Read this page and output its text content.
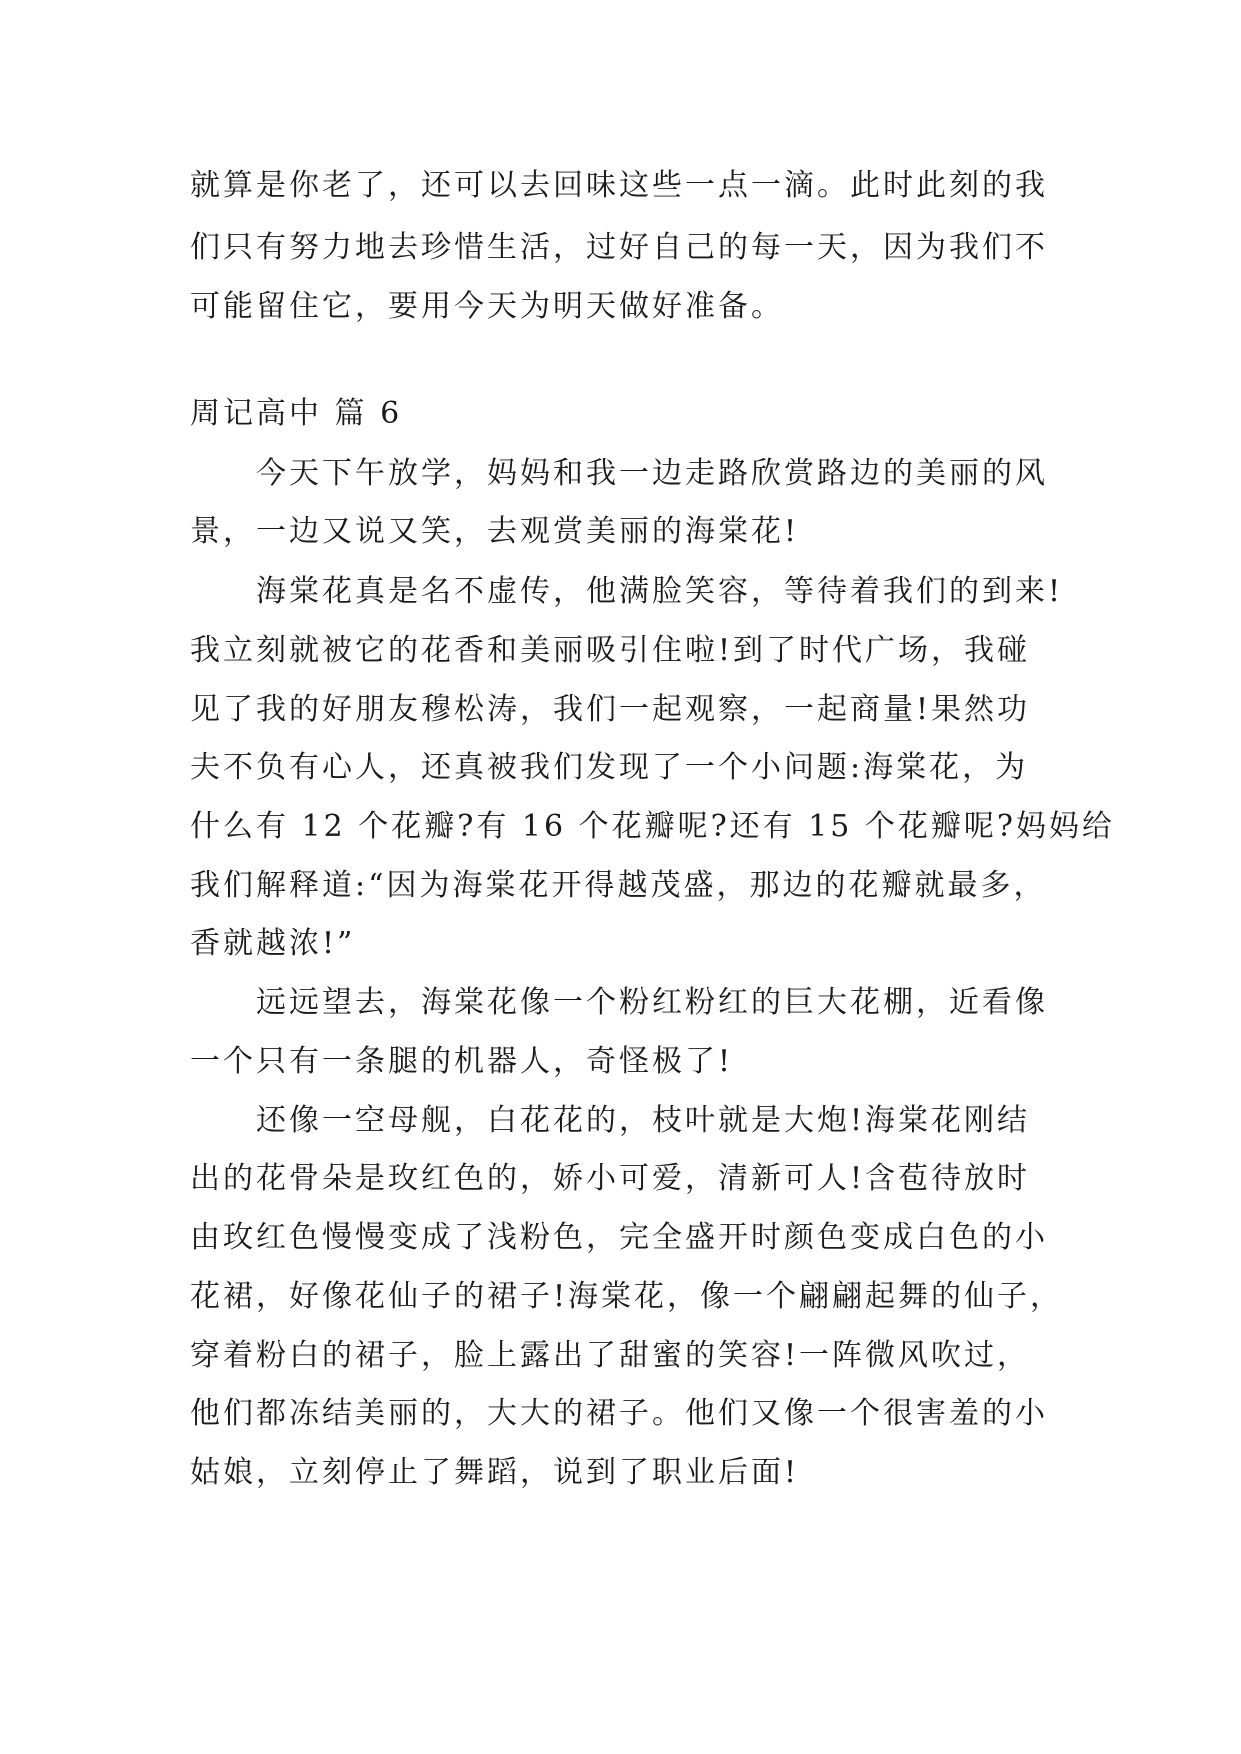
就算是你老了，还可以去回味这些一点一滴。此时此刻的我
们只有努力地去珍惜生活，过好自己的每一天，因为我们不
可能留住它，要用今天为明天做好准备。
周记高中 篇 6
今天下午放学，妈妈和我一边走路欣赏路边的美丽的风
景，一边又说又笑，去观赏美丽的海棠花!
海棠花真是名不虚传，他满脸笑容，等待着我们的到来!
我立刻就被它的花香和美丽吸引住啦!到了时代广场，我碰
见了我的好朋友穆松涛，我们一起观察，一起商量!果然功
夫不负有心人，还真被我们发现了一个小问题:海棠花，为
什么有 12 个花瓣?有 16 个花瓣呢?还有 15 个花瓣呢?妈妈给
我们解释道:“因为海棠花开得越茂盛，那边的花瓣就最多，
香就越浓!”
远远望去，海棠花像一个粉红粉红的巨大花棚，近看像
一个只有一条腿的机器人，奇怪极了!
还像一空母舰，白花花的，枝叶就是大炮!海棠花刚结
出的花骨朵是玫红色的，娇小可爱，清新可人!含苞待放时
由玫红色慢慢变成了浅粉色，完全盛开时颜色变成白色的小
花裙，好像花仙子的裙子!海棠花，像一个翩翩起舞的仙子，
穿着粉白的裙子，脸上露出了甜蜜的笑容!一阵微风吹过，
他们都冻结美丽的，大大的裙子。他们又像一个很害羞的小
姑娘，立刻停止了舞蹈，说到了职业后面!
